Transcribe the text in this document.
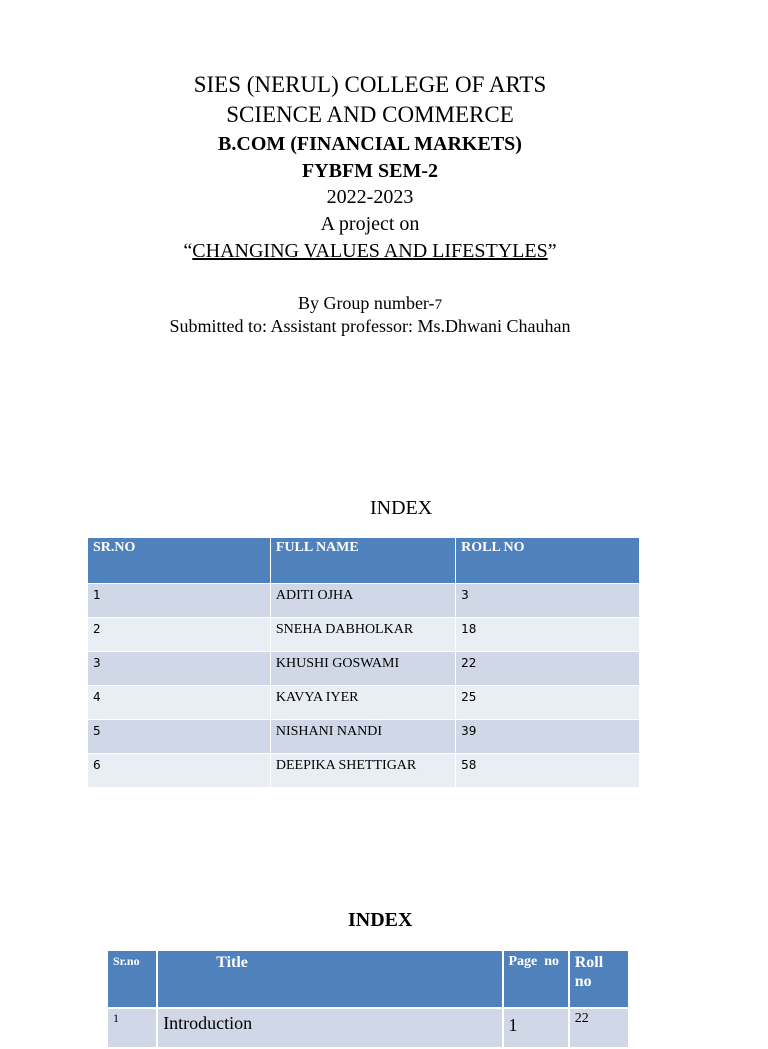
SIES (NERUL) COLLEGE OF ARTS
SCIENCE AND COMMERCE
B.COM (FINANCIAL MARKETS)
FYBFM SEM-2
2022-2023
A project on
“CHANGING VALUES AND LIFESTYLES”
By Group number-7
Submitted to: Assistant professor: Ms.Dhwani Chauhan
INDEX
SR.NO	FULL NAME	ROLL NO
1	ADITI OJHA	3
2	SNEHA DABHOLKAR	18
3	KHUSHI GOSWAMI	22
4	KAVYA IYER	25
5	NISHANI NANDI	39
6	DEEPIKA SHETTIGAR	58
INDEX
Sr.no	Title	Page  no	Roll no
1	Introduction	1	22
